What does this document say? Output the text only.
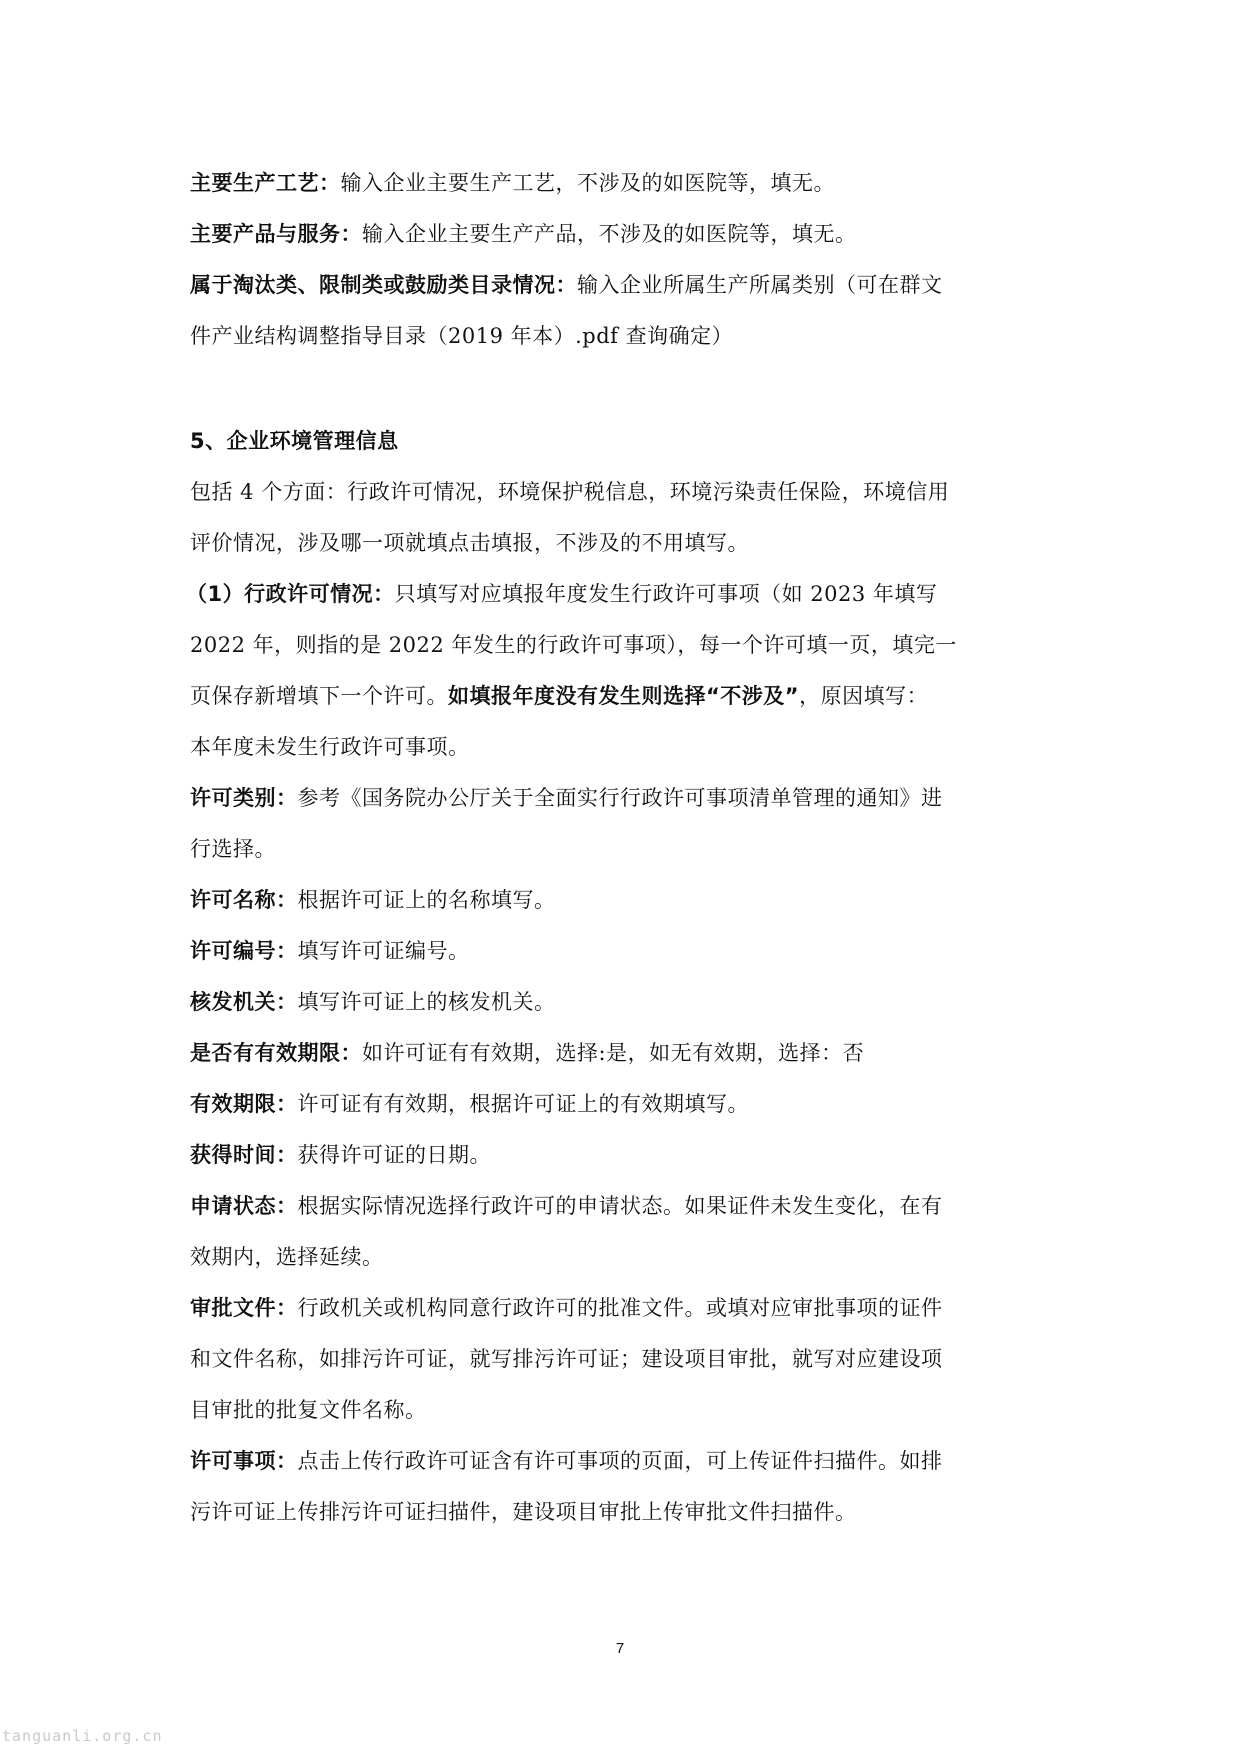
主要生产工艺：输入企业主要生产工艺，不涉及的如医院等，填无。
主要产品与服务：输入企业主要生产产品，不涉及的如医院等，填无。
属于淘汰类、限制类或鼓励类目录情况：输入企业所属生产所属类别（可在群文
件产业结构调整指导目录（2019 年本）.pdf 查询确定）
5、企业环境管理信息
包括 4 个方面：行政许可情况，环境保护税信息，环境污染责任保险，环境信用
评价情况，涉及哪一项就填点击填报，不涉及的不用填写。
（1）行政许可情况：只填写对应填报年度发生行政许可事项（如 2023 年填写
2022 年，则指的是 2022 年发生的行政许可事项），每一个许可填一页，填完一
页保存新增填下一个许可。如填报年度没有发生则选择“不涉及”，原因填写：
本年度未发生行政许可事项。
许可类别：参考《国务院办公厅关于全面实行行政许可事项清单管理的通知》进
行选择。
许可名称：根据许可证上的名称填写。
许可编号：填写许可证编号。
核发机关：填写许可证上的核发机关。
是否有有效期限：如许可证有有效期，选择:是，如无有效期，选择：否
有效期限：许可证有有效期，根据许可证上的有效期填写。
获得时间：获得许可证的日期。
申请状态：根据实际情况选择行政许可的申请状态。如果证件未发生变化，在有
效期内，选择延续。
审批文件：行政机关或机构同意行政许可的批准文件。或填对应审批事项的证件
和文件名称，如排污许可证，就写排污许可证；建设项目审批，就写对应建设项
目审批的批复文件名称。
许可事项：点击上传行政许可证含有许可事项的页面，可上传证件扫描件。如排
污许可证上传排污许可证扫描件，建设项目审批上传审批文件扫描件。
7
tanguanli.org.cn
